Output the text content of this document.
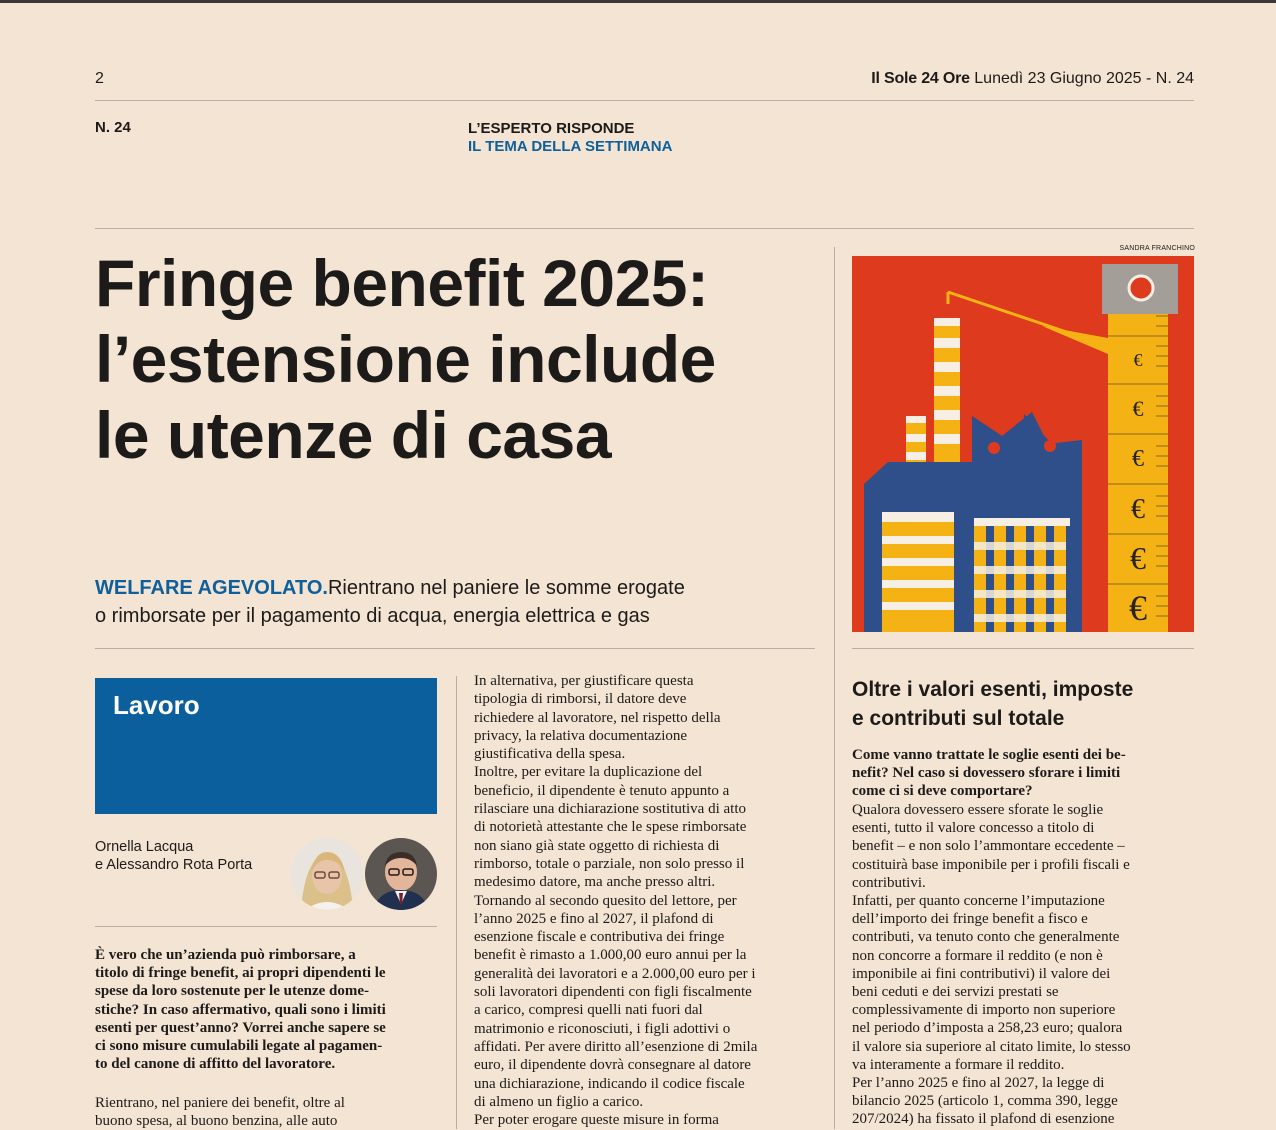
2	Il Sole 24 Ore Lunedì 23 Giugno 2025 - N. 24
N. 24	L’ESPERTO RISPONDE
IL TEMA DELLA SETTIMANA
Fringe benefit 2025:
l’estensione include
le utenze di casa
WELFARE AGEVOLATO.Rientrano nel paniere le somme erogate
o rimborsate per il pagamento di acqua, energia elettrica e gas
Lavoro
Ornella Lacqua
e Alessandro Rota Porta
È vero che un’azienda può rimborsare, a
titolo di fringe benefit, ai propri dipendenti le
spese da loro sostenute per le utenze dome-
stiche? In caso affermativo, quali sono i limiti
esenti per quest’anno? Vorrei anche sapere se
ci sono misure cumulabili legate al pagamen-
to del canone di affitto del lavoratore.
Rientrano, nel paniere dei benefit, oltre al
buono spesa, al buono benzina, alle auto
In alternativa, per giustificare questa
tipologia di rimborsi, il datore deve
richiedere al lavoratore, nel rispetto della
privacy, la relativa documentazione
giustificativa della spesa.
Inoltre, per evitare la duplicazione del
beneficio, il dipendente è tenuto appunto a
rilasciare una dichiarazione sostitutiva di atto
di notorietà attestante che le spese rimborsate
non siano già state oggetto di richiesta di
rimborso, totale o parziale, non solo presso il
medesimo datore, ma anche presso altri.
Tornando al secondo quesito del lettore, per
l’anno 2025 e fino al 2027, il plafond di
esenzione fiscale e contributiva dei fringe
benefit è rimasto a 1.000,00 euro annui per la
generalità dei lavoratori e a 2.000,00 euro per i
soli lavoratori dipendenti con figli fiscalmente
a carico, compresi quelli nati fuori dal
matrimonio e riconosciuti, i figli adottivi o
affidati. Per avere diritto all’esenzione di 2mila
euro, il dipendente dovrà consegnare al datore
una dichiarazione, indicando il codice fiscale
di almeno un figlio a carico.
Per poter erogare queste misure in forma
SANDRA FRANCHINO
€
€
€
€
€
€
Oltre i valori esenti, imposte
e contributi sul totale
Come vanno trattate le soglie esenti dei be-
nefit? Nel caso si dovessero sforare i limiti
come ci si deve comportare?
Qualora dovessero essere sforate le soglie
esenti, tutto il valore concesso a titolo di
benefit – e non solo l’ammontare eccedente –
costituirà base imponibile per i profili fiscali e
contributivi.
Infatti, per quanto concerne l’imputazione
dell’importo dei fringe benefit a fisco e
contributi, va tenuto conto che generalmente
non concorre a formare il reddito (e non è
imponibile ai fini contributivi) il valore dei
beni ceduti e dei servizi prestati se
complessivamente di importo non superiore
nel periodo d’imposta a 258,23 euro; qualora
il valore sia superiore al citato limite, lo stesso
va interamente a formare il reddito.
Per l’anno 2025 e fino al 2027, la legge di
bilancio 2025 (articolo 1, comma 390, legge
207/2024) ha fissato il plafond di esenzione
